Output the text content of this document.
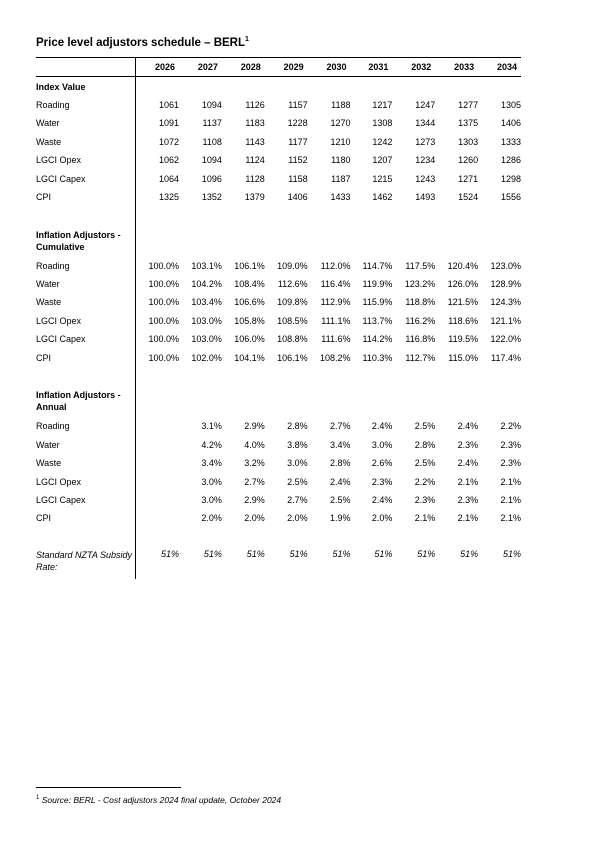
Price level adjustors schedule – BERL$^1$
	2026	2027	2028	2029	2030	2031	2032	2033	2034
Index Value									
Roading	1061	1094	1126	1157	1188	1217	1247	1277	1305
Water	1091	1137	1183	1228	1270	1308	1344	1375	1406
Waste	1072	1108	1143	1177	1210	1242	1273	1303	1333
LGCI Opex	1062	1094	1124	1152	1180	1207	1234	1260	1286
LGCI Capex	1064	1096	1128	1158	1187	1215	1243	1271	1298
CPI	1325	1352	1379	1406	1433	1462	1493	1524	1556

Inflation Adjustors - Cumulative									
Roading	100.0%	103.1%	106.1%	109.0%	112.0%	114.7%	117.5%	120.4%	123.0%
Water	100.0%	104.2%	108.4%	112.6%	116.4%	119.9%	123.2%	126.0%	128.9%
Waste	100.0%	103.4%	106.6%	109.8%	112.9%	115.9%	118.8%	121.5%	124.3%
LGCI Opex	100.0%	103.0%	105.8%	108.5%	111.1%	113.7%	116.2%	118.6%	121.1%
LGCI Capex	100.0%	103.0%	106.0%	108.8%	111.6%	114.2%	116.8%	119.5%	122.0%
CPI	100.0%	102.0%	104.1%	106.1%	108.2%	110.3%	112.7%	115.0%	117.4%

Inflation Adjustors - Annual									
Roading		3.1%	2.9%	2.8%	2.7%	2.4%	2.5%	2.4%	2.2%
Water		4.2%	4.0%	3.8%	3.4%	3.0%	2.8%	2.3%	2.3%
Waste		3.4%	3.2%	3.0%	2.8%	2.6%	2.5%	2.4%	2.3%
LGCI Opex		3.0%	2.7%	2.5%	2.4%	2.3%	2.2%	2.1%	2.1%
LGCI Capex		3.0%	2.9%	2.7%	2.5%	2.4%	2.3%	2.3%	2.1%
CPI		2.0%	2.0%	2.0%	1.9%	2.0%	2.1%	2.1%	2.1%

Standard NZTA Subsidy Rate:	51%	51%	51%	51%	51%	51%	51%	51%	51%
$^1$ Source: BERL - Cost adjustors 2024 final update, October 2024
